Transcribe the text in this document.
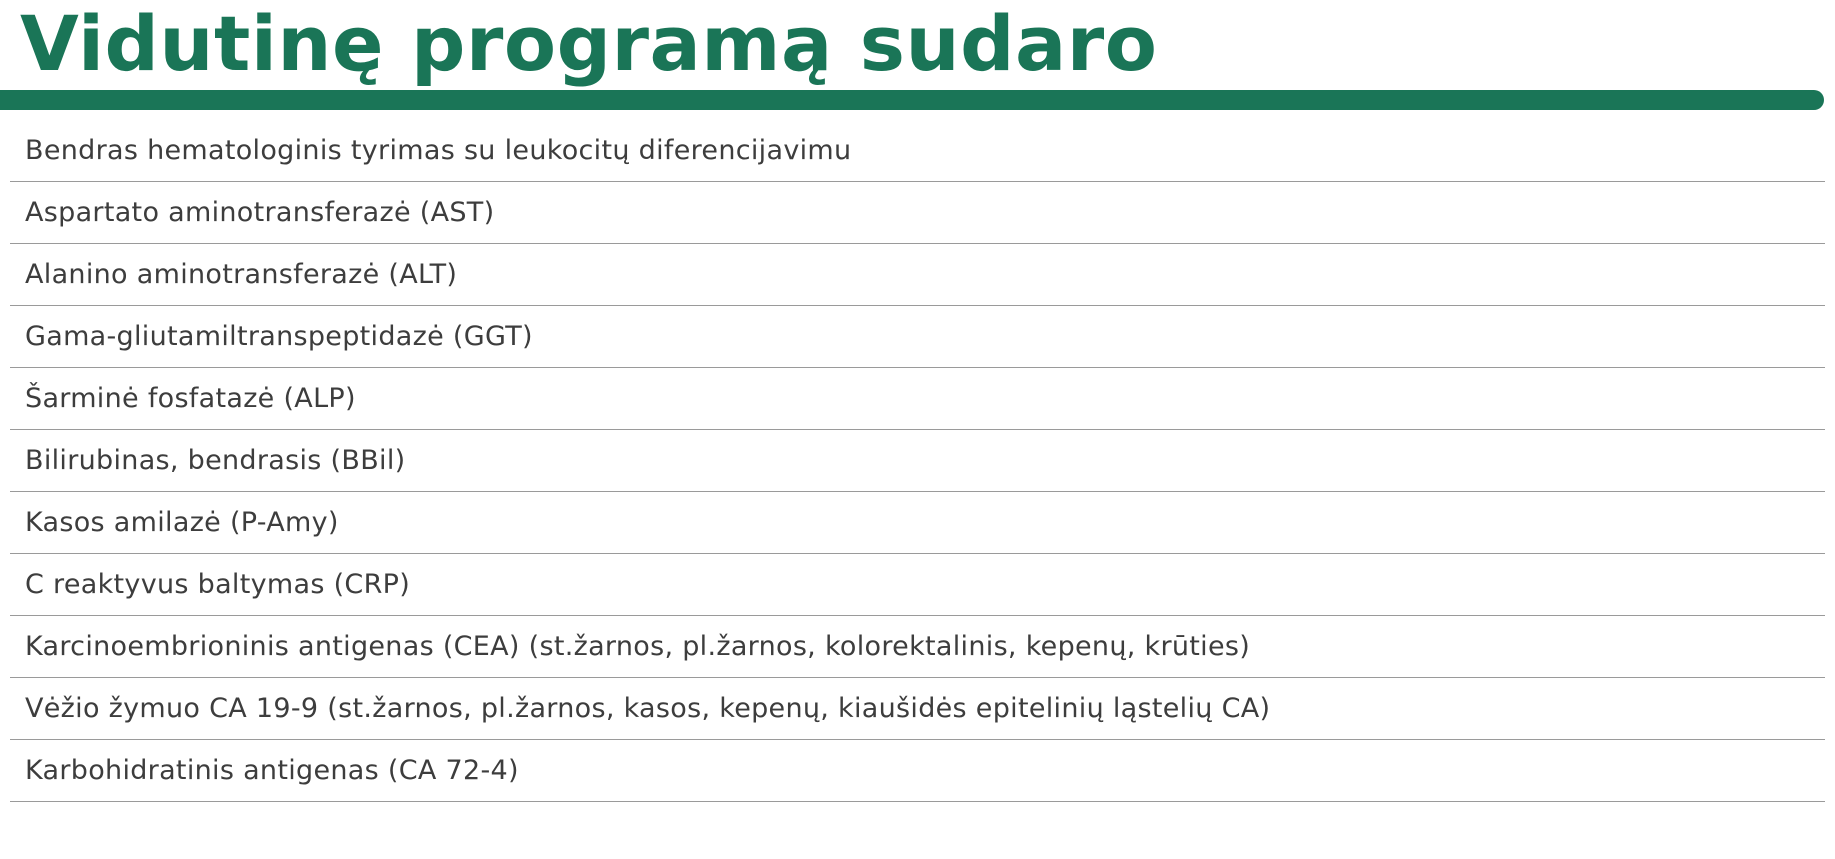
Vidutinę programą sudaro
Bendras hematologinis tyrimas su leukocitų diferencijavimu
Aspartato aminotransferazė (AST)
Alanino aminotransferazė (ALT)
Gama-gliutamiltranspeptidazė (GGT)
Šarminė fosfatazė (ALP)
Bilirubinas, bendrasis (BBil)
Kasos amilazė (P-Amy)
C reaktyvus baltymas (CRP)
Karcinoembrioninis antigenas (CEA) (st.žarnos, pl.žarnos, kolorektalinis, kepenų, krūties)
Vėžio žymuo CA 19-9 (st.žarnos, pl.žarnos, kasos, kepenų, kiaušidės epitelinių ląstelių CA)
Karbohidratinis antigenas (CA 72-4)
